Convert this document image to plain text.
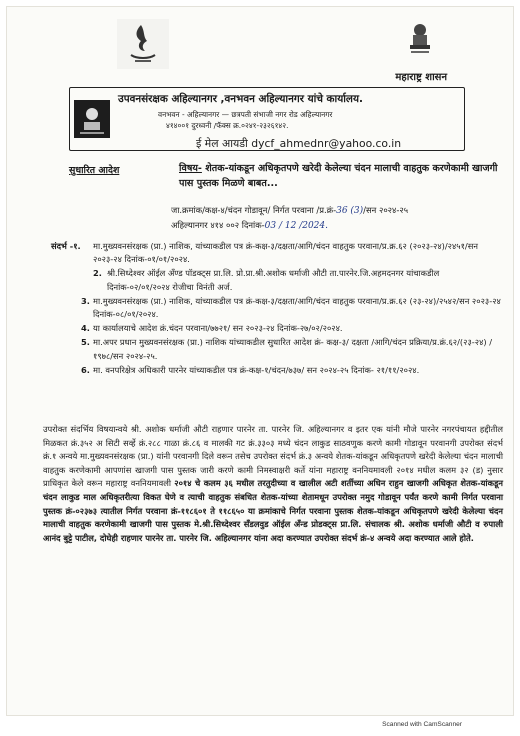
महाराष्ट्र शासन
उपवनसंरक्षक अहिल्यानगर ,वनभवन अहिल्यानगर यांचे कार्यालय.
वनभवन - अहिल्यानगर — छत्रपती संभाजी नगर रोड अहिल्यानगर
४१४००१ दुरध्वनी /फॅक्स क्र.०२४१-२३२६१४२.
ई मेल आयडी dycf_ahmednr@yahoo.co.in
सुधारित आदेश	विषय- शेतक-यांकडून अधिकृतपणे खरेदी केलेल्या चंदन मालाची वाहतुक करणेकामी खाजगी पास पुस्तक मिळणे बाबत...
जा.क्रमांक/कक्ष-४/चंदन गोडावून/ निर्गत परवाना /प्र.क्रं-36 (3)/सन २०२४-२५
अहिल्यानगर ४१४ ००२ दिनांक-03 / 12 /2024.
संदर्भ -१. मा.मुख्यवनसंरक्षक (प्रा.) नाशिक, यांच्याकडील पत्र क्रं-कक्ष-३/दक्षता/आगि/चंदन वाहतुक परवाना/प्र.क्र.६२ (२०२३-२४)/२४५१/सन २०२३-२४ दिनांक-०१/०१/२०२४.
2. श्री.सिध्देश्वर ऑईल अँण्ड पॉडक्ट्स प्रा.लि. प्रो.प्रा.श्री.अशोक धर्माजी औटी ता.पारनेर.जि.अहमदनगर यांचाकडील दिनांक-०२/०१/२०२४ रोजीचा विनंती अर्ज.
3. मा.मुख्यवनसंरक्षक (प्रा.) नाशिक, यांच्याकडील पत्र क्रं-कक्ष-३/दक्षता/आगि/चंदन वाहतुक परवाना/प्र.क्र.६२ (२३-२४)/२५४२/सन २०२३-२४ दिनांक-०८/०१/२०२४.
4. या कार्यालयाचे आदेश क्रं.चंदन परवाना/७७२१/ सन २०२३-२४ दिनांक-२७/०२/२०२४.
5. मा.अपर प्रधान मुख्यवनसंरक्षक (प्रा.) नाशिक यांच्याकडील सुधारित आदेश क्रं- कक्ष-३/ दक्षता /आगि/चंदन प्रक्रिया/प्र.क्रं.६२/(२३-२४) /१९७८/सन २०२४-२५.
6. मा. वनपरिक्षेत्र अधिकारी पारनेर यांच्याकडील पत्र क्रं-कक्ष-१/चंदन/७३७/ सन २०२४-२५ दिनांक- २१/११/२०२४.
उपरोक्त संदर्भिय विषयान्वये श्री. अशोक धर्माजी औटी राहणार पारनेर ता. पारनेर जि. अहिल्यानगर व इतर एक यांनी मौजे पारनेर नगरपंचायत हद्दीतील मिळकत क्रं.३५२ अ सिटी सर्व्हे क्रं.२८८ गाळा क्रं.८६ व मालकी गट क्रं.३३०३ मध्ये चंदन लाकुड साठवणुक करणे कामी गोडावून परवानगी उपरोक्त संदर्भ क्रं.१ अन्वये मा.मुख्यवनसंरक्षक (प्रा.) यांनी परवानगी दिले वरून तसेच उपरोक्त संदर्भ क्रं.३ अन्वये शेतक-यांकडून अधिकृतपणे खरेदी केलेल्या चंदन मालाची वाहतुक करणेकामी आपणांस खाजगी पास पुस्तक जारी करणे कामी निमस्वाक्षरी कर्ते यांना महाराष्ट्र वननियमावली २०१४ मधील कलम ३२ (ड) नुसार प्राधिकृत केले वरून महाराष्ट्र वननियमावली २०१४ चे कलम ३६ मधील तरतुदीच्या व खालील अटी शर्तीच्या अधिन राहुन खाजगी अधिकृत शेतक-यांकडून चंदन लाकुड माल अधिकृतरीत्या विकत घेणे व त्याची वाहतुक संबधित शेतक-यांच्या शेतामधून उपरोक्त नमुद गोडावून पर्यंत करणे कामी निर्गत परवाना पुस्तक क्रं-०२३७३ त्यातील निर्गत परवाना क्रं-११८६०१ ते ११८६५० या क्रमांकाचे निर्गत परवाना पुस्तक शेतक-यांकडून अधिकृतपणे खरेदी केलेल्या चंदन मालाची वाहतुक करणेकामी खाजगी पास पुस्तक मे.श्री.सिध्देश्वर सँडलवुड ऑईल अँन्ड प्रोडक्ट्स प्रा.लि. संचालक श्री. अशोक धर्माजी औटी व रुपाली आनंद बुट्टे पाटील, दोघेही राहणार पारनेर ता. पारनेर जि. अहिल्यानगर यांना अदा करण्यात उपरोक्त संदर्भ क्रं-४ अन्वये अदा करण्यात आले होते.
Scanned with CamScanner
